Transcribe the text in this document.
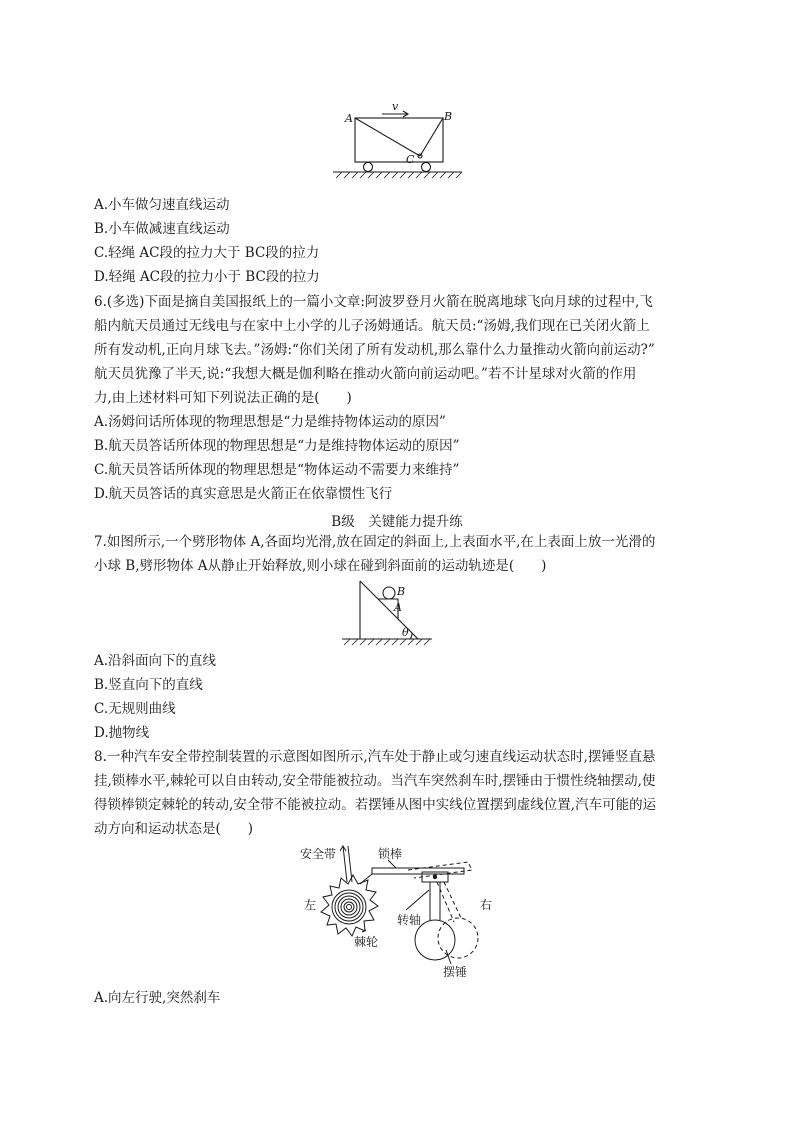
v
A	B
C
A.小车做匀速直线运动
B.小车做减速直线运动
C.轻绳 AC段的拉力大于 BC段的拉力
D.轻绳 AC段的拉力小于 BC段的拉力
6.(多选)下面是摘自美国报纸上的一篇小文章:阿波罗登月火箭在脱离地球飞向月球的过程中,飞
船内航天员通过无线电与在家中上小学的儿子汤姆通话。航天员:“汤姆,我们现在已关闭火箭上
所有发动机,正向月球飞去。”汤姆:“你们关闭了所有发动机,那么靠什么力量推动火箭向前运动?”
航天员犹豫了半天,说:“我想大概是伽利略在推动火箭向前运动吧。”若不计星球对火箭的作用
力,由上述材料可知下列说法正确的是(　　)
A.汤姆问话所体现的物理思想是“力是维持物体运动的原因”
B.航天员答话所体现的物理思想是“力是维持物体运动的原因”
C.航天员答话所体现的物理思想是“物体运动不需要力来维持”
D.航天员答话的真实意思是火箭正在依靠惯性飞行
B级　关键能力提升练
7.如图所示,一个劈形物体 A,各面均光滑,放在固定的斜面上,上表面水平,在上表面上放一光滑的
小球 B,劈形物体 A从静止开始释放,则小球在碰到斜面前的运动轨迹是(　　)
B
A
θ
A.沿斜面向下的直线
B.竖直向下的直线
C.无规则曲线
D.抛物线
8.一种汽车安全带控制装置的示意图如图所示,汽车处于静止或匀速直线运动状态时,摆锤竖直悬
挂,锁棒水平,棘轮可以自由转动,安全带能被拉动。当汽车突然刹车时,摆锤由于惯性绕轴摆动,使
得锁棒锁定棘轮的转动,安全带不能被拉动。若摆锤从图中实线位置摆到虚线位置,汽车可能的运
动方向和运动状态是(　　)
安全带	锁棒
左	右
转轴
棘轮
摆锤
A.向左行驶,突然刹车
